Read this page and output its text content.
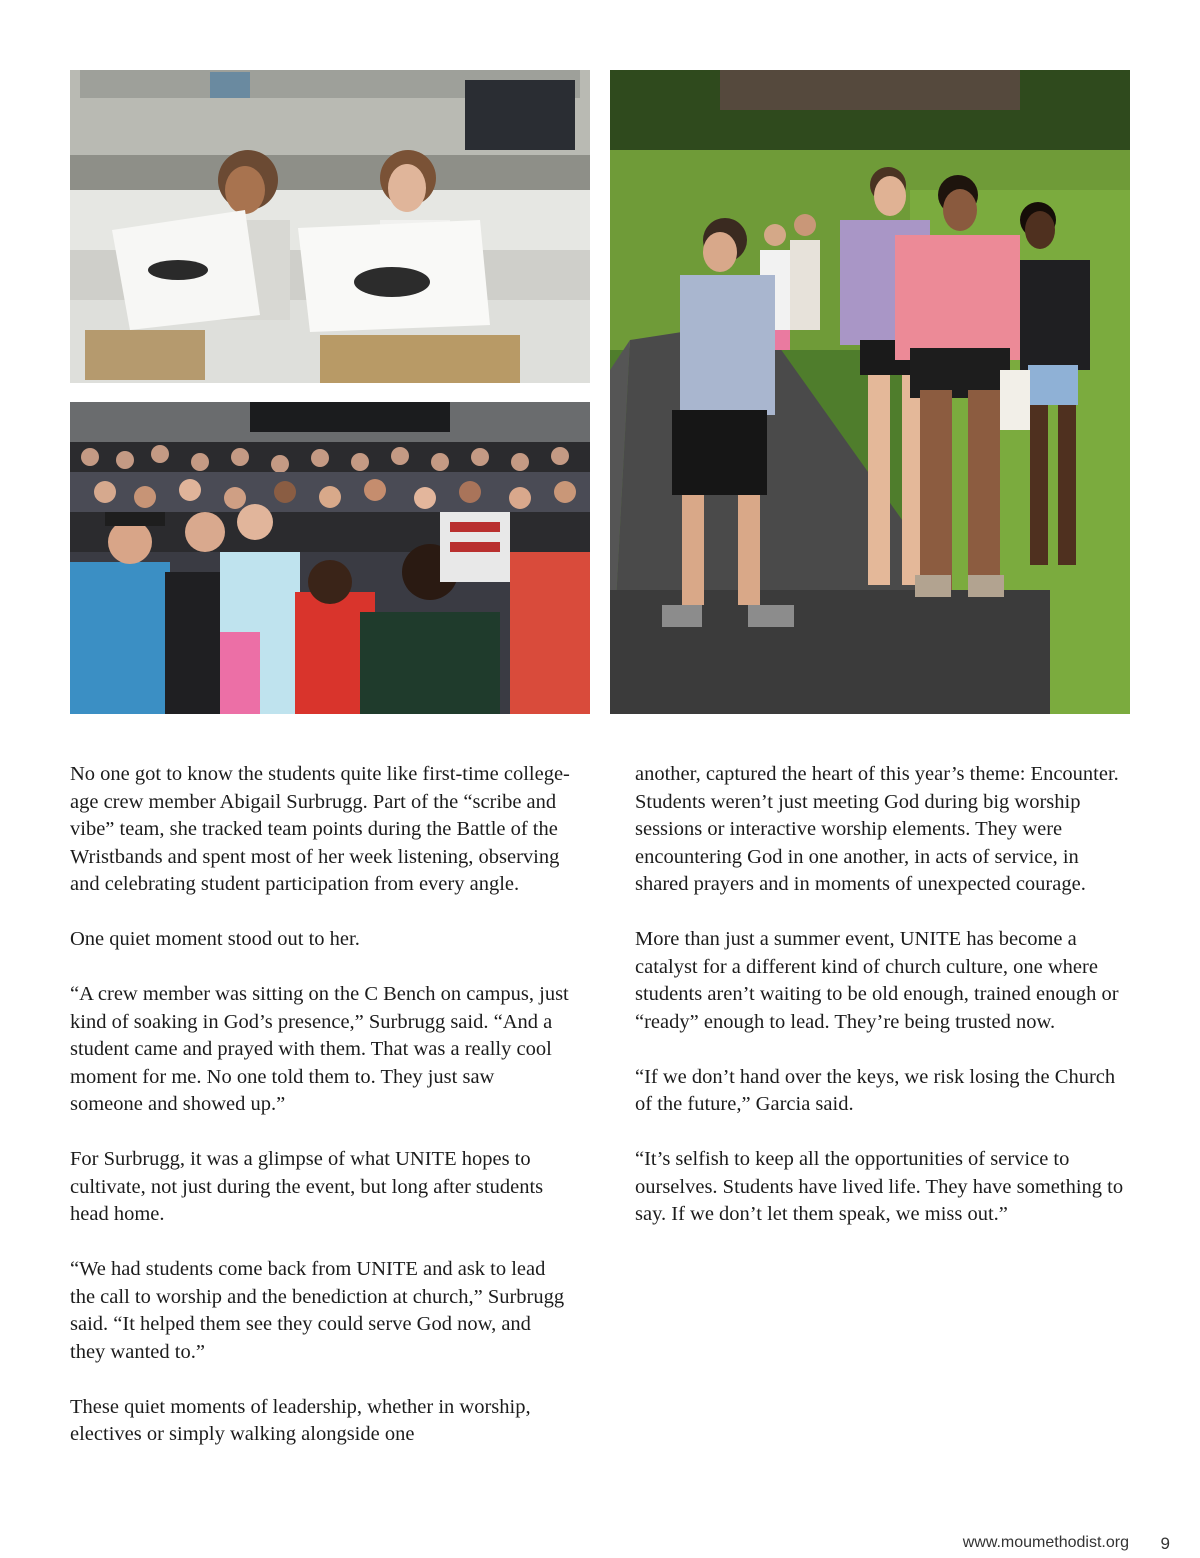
No one got to know the students quite like first-time college-age crew member Abigail Surbrugg. Part of the “scribe and vibe” team, she tracked team points during the Battle of the Wristbands and spent most of her week listening, observing and celebrating student participation from every angle.

One quiet moment stood out to her.

“A crew member was sitting on the C Bench on campus, just kind of soaking in God’s presence,” Surbrugg said. “And a student came and prayed with them. That was a really cool moment for me. No one told them to. They just saw someone and showed up.”

For Surbrugg, it was a glimpse of what UNITE hopes to cultivate, not just during the event, but long after students head home.

“We had students come back from UNITE and ask to lead the call to worship and the benediction at church,” Surbrugg said. “It helped them see they could serve God now, and they wanted to.”

These quiet moments of leadership, whether in worship, electives or simply walking alongside one

another, captured the heart of this year’s theme: Encounter. Students weren’t just meeting God during big worship sessions or interactive worship elements. They were encountering God in one another, in acts of service, in shared prayers and in moments of unexpected courage.

More than just a summer event, UNITE has become a catalyst for a different kind of church culture, one where students aren’t waiting to be old enough, trained enough or “ready” enough to lead. They’re being trusted now.

“If we don’t hand over the keys, we risk losing the Church of the future,” Garcia said.

“It’s selfish to keep all the opportunities of service to ourselves. Students have lived life. They have something to say. If we don’t let them speak, we miss out.”

www.moumethodist.org 9
